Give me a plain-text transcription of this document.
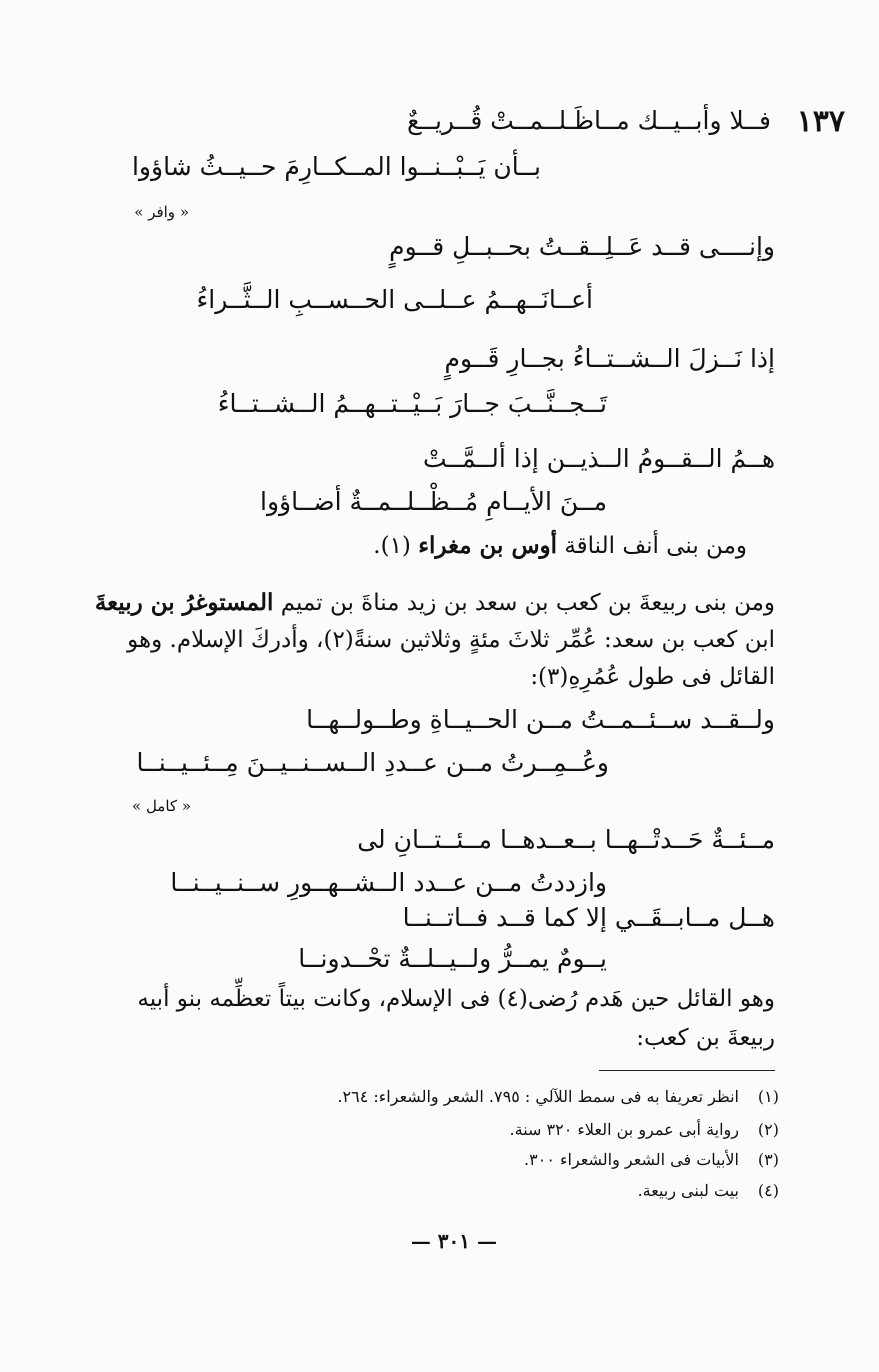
١٣٧
فــلا وأبــيــك مــاظَـلــمــتْ قُــريــعٌ
بــأن يَــبْــنــوا المــكــارِمَ حــيــثُ شاؤوا
« وافر »
وإنــــى قــد عَــلِــقــتُ بحــبــلِ قــومٍ
أعــانَــهــمُ عــلــى الحــســبِ الــثَّــراءُ
إذا نَــزلَ الــشــتــاءُ بجــارِ قَــومٍ
تَــجــنَّــبَ جــارَ بَــيْــتــهــمُ الــشــتــاءُ
هــمُ الــقــومُ الــذيــن إذا ألــمَّــتْ
مــنَ الأيــامِ مُــظْــلــمــةٌ أضــاؤوا
ومن بنى أنف الناقة أوس بن مغراء (١).
ومن بنى ربيعةَ بن كعب بن سعد بن زيد مناةَ بن تميم المستوغرُ بن ربيعةَ
ابن كعب بن سعد: عُمِّر ثلاثَ مئةٍ وثلاثين سنةً(٢)، وأدركَ الإسلام. وهو
القائل فى طول عُمُرِهِ(٣):
ولــقــد ســئــمــتُ مــن الحــيــاةِ وطــولــهــا
وعُــمِــرتُ مــن عــددِ الــســنــيــنَ مِــئــيــنــا
« كامل »
مــئــةٌ حَــدتْــهــا بــعــدهــا مــئــتــانِ لى
وازددتُ مــن عــدد الــشــهــورِ ســنــيــنــا
هــل مــابــقَــي إلا كما قــد فــاتــنــا
يــومٌ يمــرُّ ولــيــلــةٌ تحْــدونــا
وهو القائل حين هَدم رُضى(٤) فى الإسلام، وكانت بيتاً تعظِّمه بنو أبيه
ربيعةَ بن كعب:
(١)انظر تعريفا به فى سمط اللآلي : ٧٩٥. الشعر والشعراء: ٢٦٤.
(٢)رواية أبى عمرو بن العلاء ٣٢٠ سنة.
(٣)الأبيات فى الشعر والشعراء ٣٠٠.
(٤)بيت لبنى ربيعة.
— ٣٠١ —
